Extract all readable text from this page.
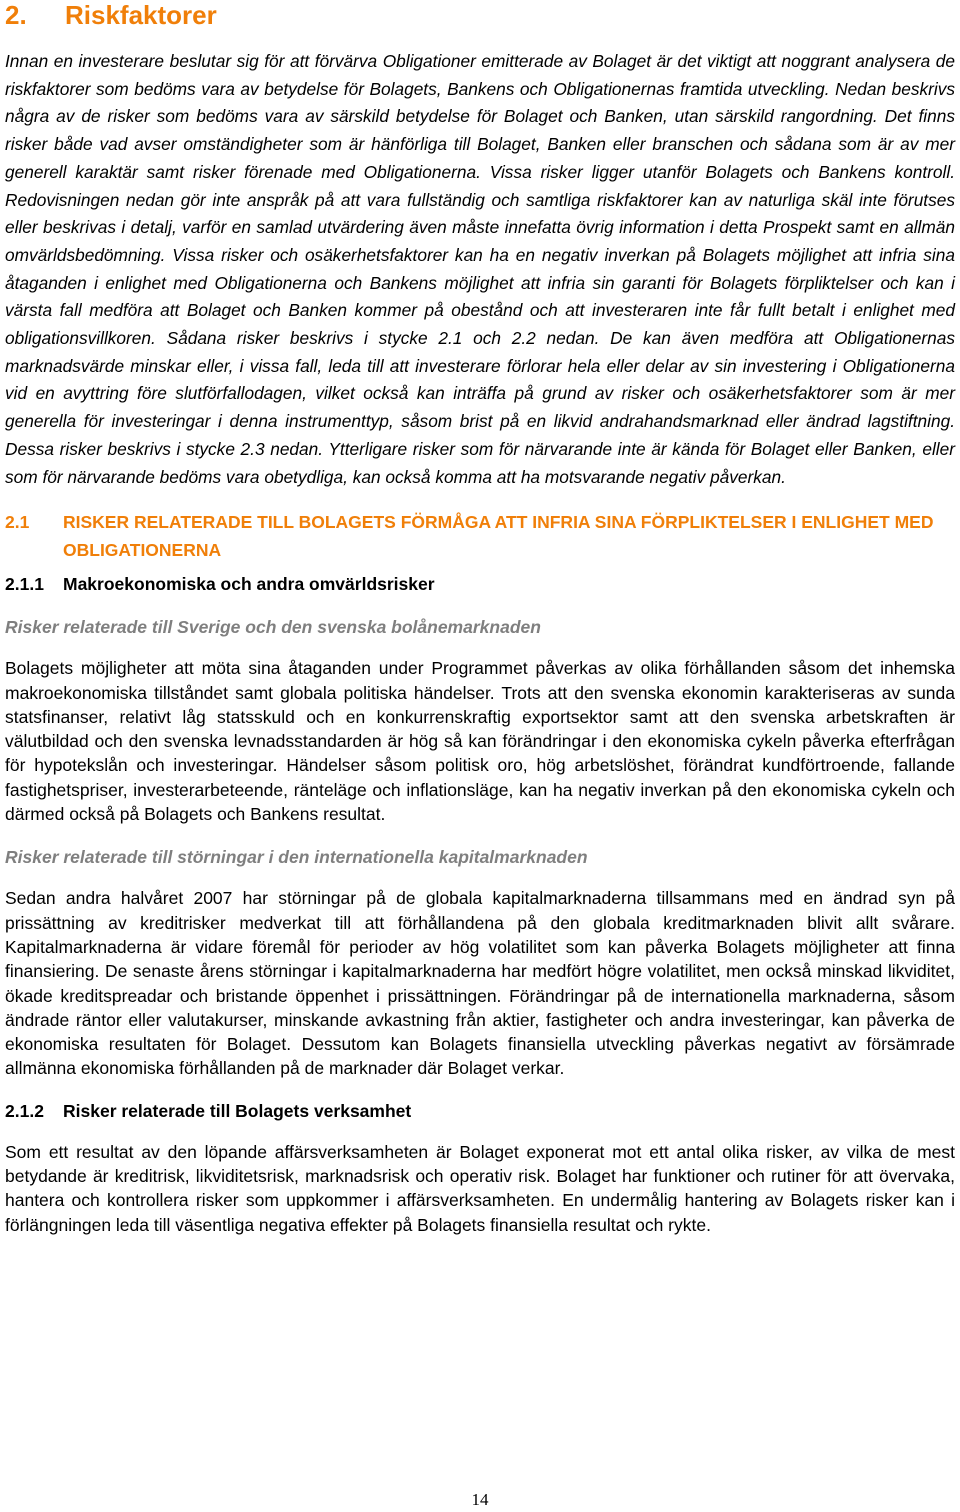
2. Riskfaktorer

Innan en investerare beslutar sig för att förvärva Obligationer emitterade av Bolaget är det viktigt att noggrant analysera de riskfaktorer som bedöms vara av betydelse för Bolagets, Bankens och Obligationernas framtida utveckling. Nedan beskrivs några av de risker som bedöms vara av särskild betydelse för Bolaget och Banken, utan särskild rangordning. Det finns risker både vad avser omständigheter som är hänförliga till Bolaget, Banken eller branschen och sådana som är av mer generell karaktär samt risker förenade med Obligationerna. Vissa risker ligger utanför Bolagets och Bankens kontroll. Redovisningen nedan gör inte anspråk på att vara fullständig och samtliga riskfaktorer kan av naturliga skäl inte förutses eller beskrivas i detalj, varför en samlad utvärdering även måste innefatta övrig information i detta Prospekt samt en allmän omvärldsbedömning. Vissa risker och osäkerhetsfaktorer kan ha en negativ inverkan på Bolagets möjlighet att infria sina åtaganden i enlighet med Obligationerna och Bankens möjlighet att infria sin garanti för Bolagets förpliktelser och kan i värsta fall medföra att Bolaget och Banken kommer på obestånd och att investeraren inte får fullt betalt i enlighet med obligationsvillkoren. Sådana risker beskrivs i stycke 2.1 och 2.2 nedan. De kan även medföra att Obligationernas marknadsvärde minskar eller, i vissa fall, leda till att investerare förlorar hela eller delar av sin investering i Obligationerna vid en avyttring före slutförfallodagen, vilket också kan inträffa på grund av risker och osäkerhetsfaktorer som är mer generella för investeringar i denna instrumenttyp, såsom brist på en likvid andrahandsmarknad eller ändrad lagstiftning. Dessa risker beskrivs i stycke 2.3 nedan. Ytterligare risker som för närvarande inte är kända för Bolaget eller Banken, eller som för närvarande bedöms vara obetydliga, kan också komma att ha motsvarande negativ påverkan.

2.1	RISKER RELATERADE TILL BOLAGETS FÖRMÅGA ATT INFRIA SINA FÖRPLIKTELSER I ENLIGHET MED OBLIGATIONERNA
2.1.1	Makroekonomiska och andra omvärldsrisker
Risker relaterade till Sverige och den svenska bolånemarknaden

Bolagets möjligheter att möta sina åtaganden under Programmet påverkas av olika förhållanden såsom det inhemska makroekonomiska tillståndet samt globala politiska händelser. Trots att den svenska ekonomin karakteriseras av sunda statsfinanser, relativt låg statsskuld och en konkurrenskraftig exportsektor samt att den svenska arbetskraften är välutbildad och den svenska levnadsstandarden är hög så kan förändringar i den ekonomiska cykeln påverka efterfrågan för hypotekslån och investeringar. Händelser såsom politisk oro, hög arbetslöshet, förändrat kundförtroende, fallande fastighetspriser, investerarbeteende, ränteläge och inflationsläge, kan ha negativ inverkan på den ekonomiska cykeln och därmed också på Bolagets och Bankens resultat.

Risker relaterade till störningar i den internationella kapitalmarknaden

Sedan andra halvåret 2007 har störningar på de globala kapitalmarknaderna tillsammans med en ändrad syn på prissättning av kreditrisker medverkat till att förhållandena på den globala kreditmarknaden blivit allt svårare. Kapitalmarknaderna är vidare föremål för perioder av hög volatilitet som kan påverka Bolagets möjligheter att finna finansiering. De senaste årens störningar i kapitalmarknaderna har medfört högre volatilitet, men också minskad likviditet, ökade kreditspreadar och bristande öppenhet i prissättningen. Förändringar på de internationella marknaderna, såsom ändrade räntor eller valutakurser, minskande avkastning från aktier, fastigheter och andra investeringar, kan påverka de ekonomiska resultaten för Bolaget. Dessutom kan Bolagets finansiella utveckling påverkas negativt av försämrade allmänna ekonomiska förhållanden på de marknader där Bolaget verkar.

2.1.2	Risker relaterade till Bolagets verksamhet

Som ett resultat av den löpande affärsverksamheten är Bolaget exponerat mot ett antal olika risker, av vilka de mest betydande är kreditrisk, likviditetsrisk, marknadsrisk och operativ risk. Bolaget har funktioner och rutiner för att övervaka, hantera och kontrollera risker som uppkommer i affärsverksamheten. En undermålig hantering av Bolagets risker kan i förlängningen leda till väsentliga negativa effekter på Bolagets finansiella resultat och rykte.

14
